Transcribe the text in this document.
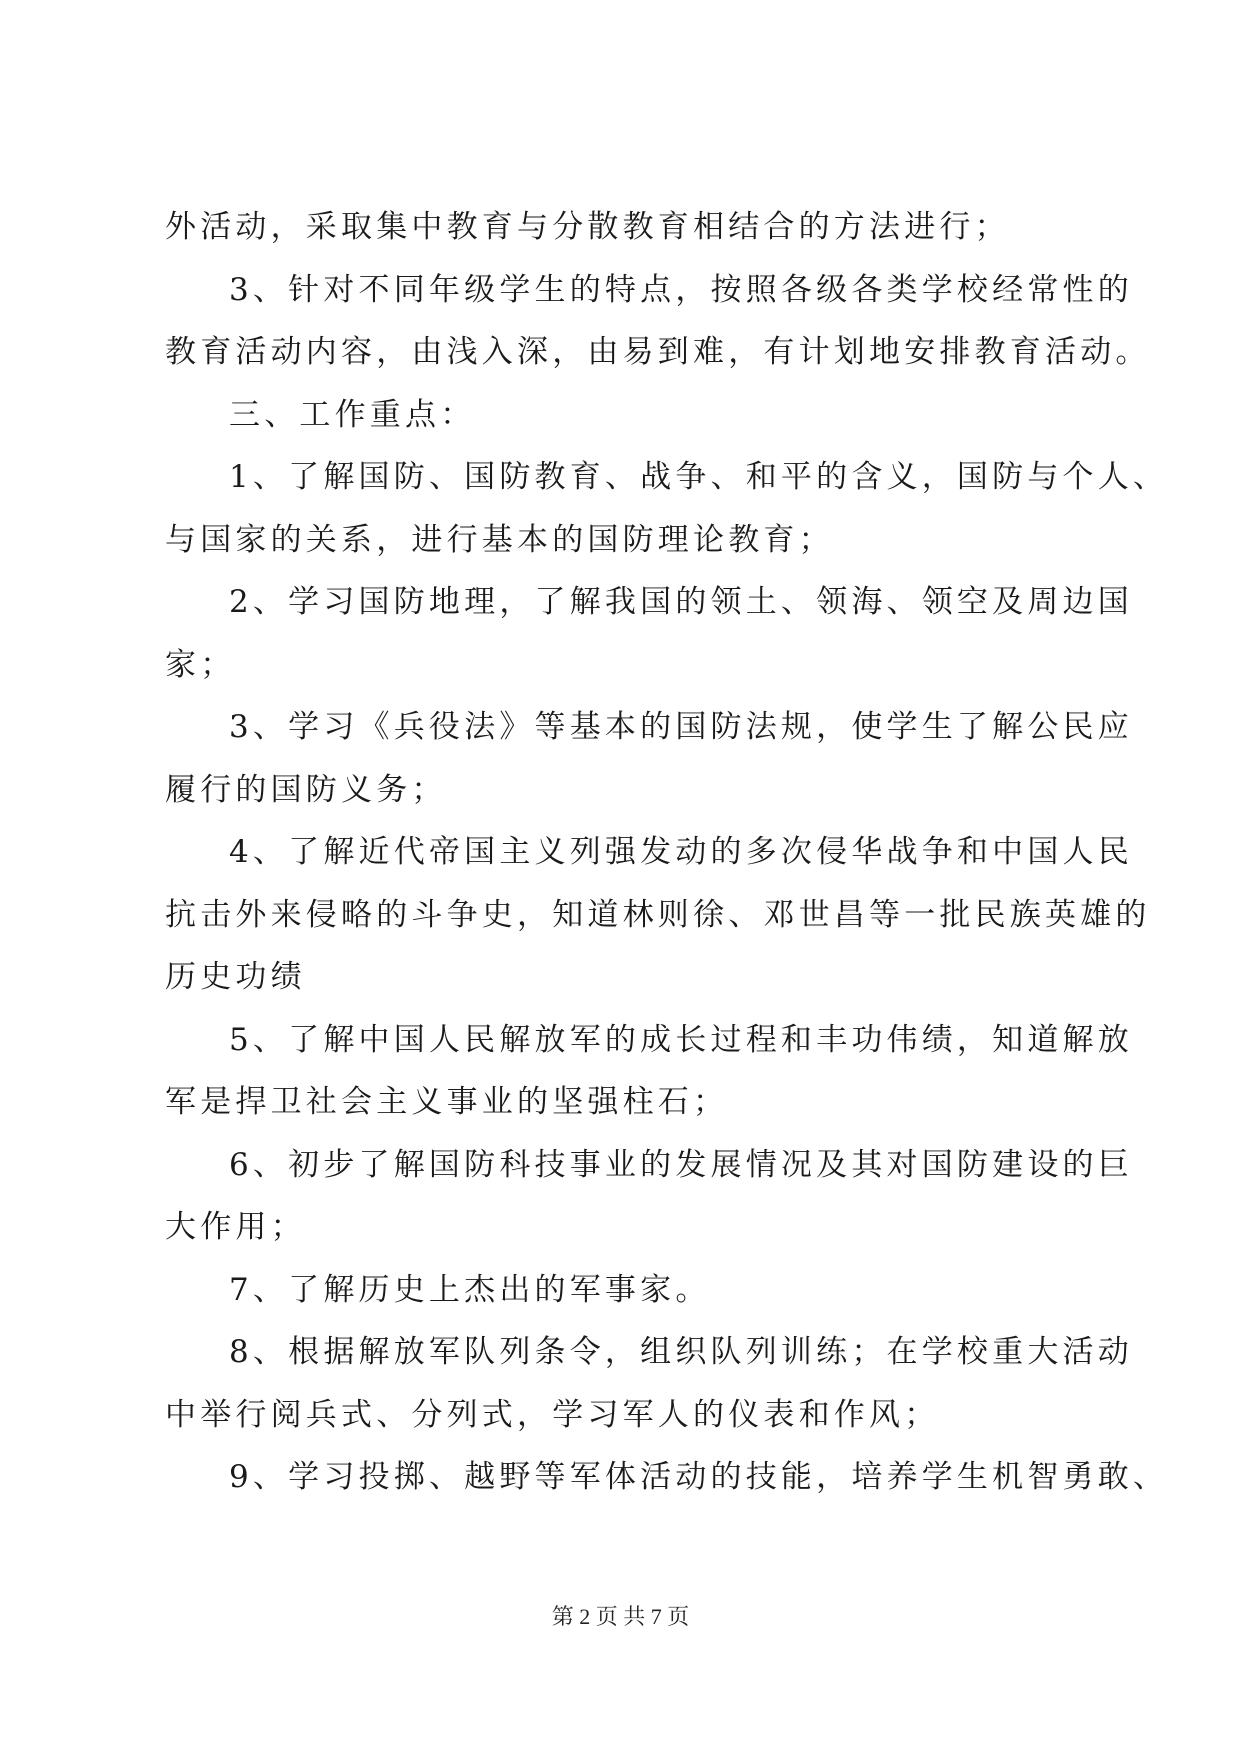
外活动，采取集中教育与分散教育相结合的方法进行；
3、针对不同年级学生的特点，按照各级各类学校经常性的
教育活动内容，由浅入深，由易到难，有计划地安排教育活动。
三、工作重点：
1、了解国防、国防教育、战争、和平的含义，国防与个人、
与国家的关系，进行基本的国防理论教育；
2、学习国防地理，了解我国的领土、领海、领空及周边国
家；
3、学习《兵役法》等基本的国防法规，使学生了解公民应
履行的国防义务；
4、了解近代帝国主义列强发动的多次侵华战争和中国人民
抗击外来侵略的斗争史，知道林则徐、邓世昌等一批民族英雄的
历史功绩
5、了解中国人民解放军的成长过程和丰功伟绩，知道解放
军是捍卫社会主义事业的坚强柱石；
6、初步了解国防科技事业的发展情况及其对国防建设的巨
大作用；
7、了解历史上杰出的军事家。
8、根据解放军队列条令，组织队列训练；在学校重大活动
中举行阅兵式、分列式，学习军人的仪表和作风；
9、学习投掷、越野等军体活动的技能，培养学生机智勇敢、
第 2 页 共 7 页
